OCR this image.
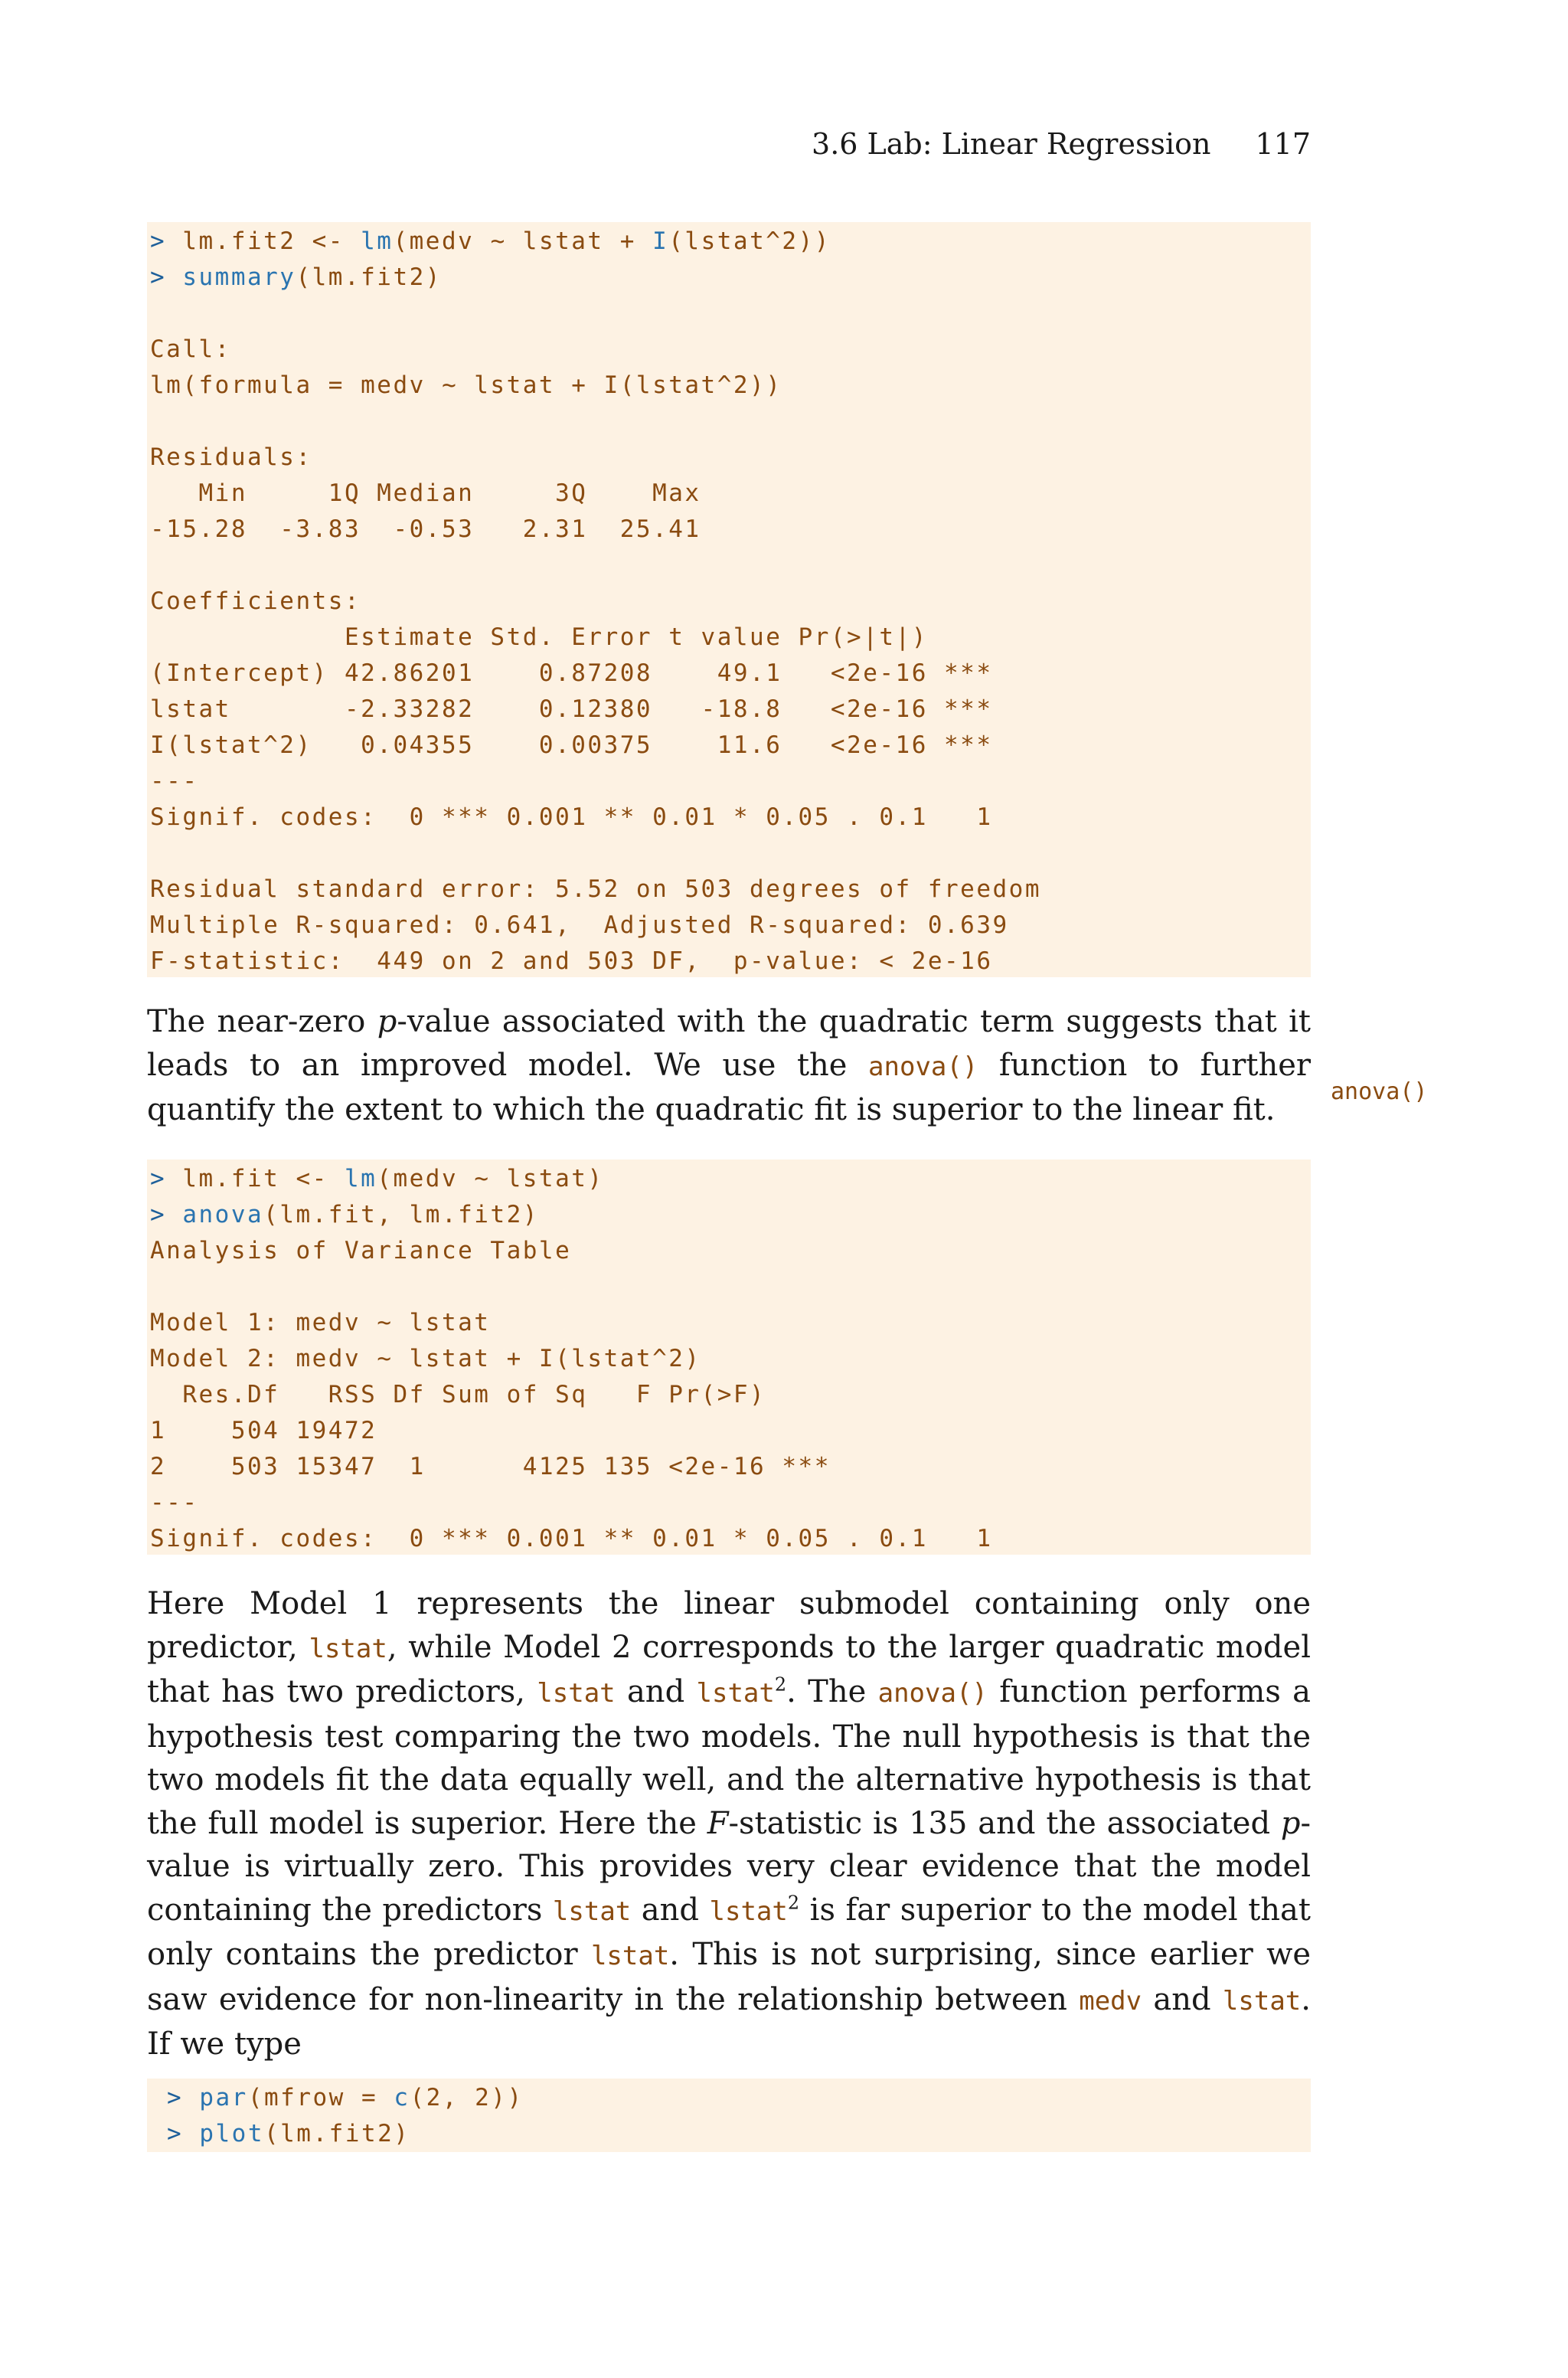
3.6 Lab: Linear Regression 117
> lm.fit2 <- lm(medv ∼ lstat + I(lstat^2))
> summary(lm.fit2)

Call:
lm(formula = medv ∼ lstat + I(lstat^2))

Residuals:
Min     1Q Median     3Q    Max
-15.28  -3.83  -0.53   2.31  25.41

Coefficients:
Estimate Std. Error t value Pr(>|t|)
(Intercept) 42.86201    0.87208    49.1   <2e-16 ***
lstat       -2.33282    0.12380   -18.8   <2e-16 ***
I(lstat^2)   0.04355    0.00375    11.6   <2e-16 ***
---
Signif. codes:  0 *** 0.001 ** 0.01 * 0.05 . 0.1   1

Residual standard error: 5.52 on 503 degrees of freedom
Multiple R-squared: 0.641,  Adjusted R-squared: 0.639
F-statistic:  449 on 2 and 503 DF,  p-value: < 2e-16

The near-zero p-value associated with the quadratic term suggests that it leads to an improved model. We use the anova() function to further quantify the extent to which the quadratic fit is superior to the linear fit.

anova()
> lm.fit <- lm(medv ∼ lstat)
> anova(lm.fit, lm.fit2)
Analysis of Variance Table

Model 1: medv ∼ lstat
Model 2: medv ∼ lstat + I(lstat^2)
Res.Df   RSS Df Sum of Sq   F Pr(>F)
1    504 19472
2    503 15347  1      4125 135 <2e-16 ***
---
Signif. codes:  0 *** 0.001 ** 0.01 * 0.05 . 0.1   1

Here Model 1 represents the linear submodel containing only one predictor, lstat, while Model 2 corresponds to the larger quadratic model that has two predictors, lstat and lstat$^2$. The anova() function performs a hypothesis test comparing the two models. The null hypothesis is that the two models fit the data equally well, and the alternative hypothesis is that the full model is superior. Here the F-statistic is 135 and the associated p-value is virtually zero. This provides very clear evidence that the model containing the predictors lstat and lstat$^2$ is far superior to the model that only contains the predictor lstat. This is not surprising, since earlier we saw evidence for non-linearity in the relationship between medv and lstat. If we type

> par(mfrow = c(2, 2))
> plot(lm.fit2)
